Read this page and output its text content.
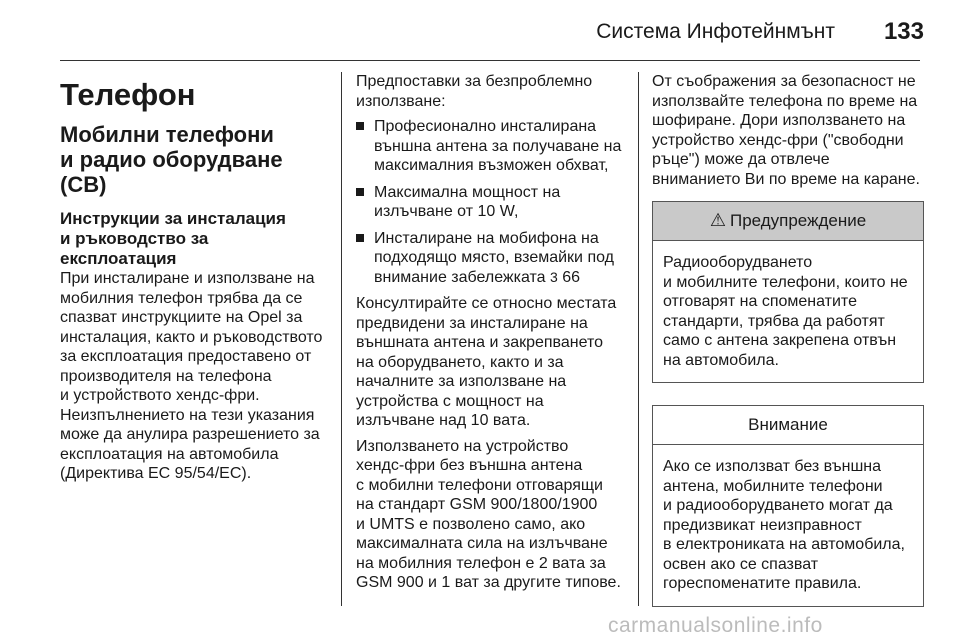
Система Инфотейнмънт 133
Телефон
Мобилни телефони
и радио оборудване (CB)
Инструкции за инсталация
и ръководство за
експлоатация

При инсталиране и използване на
мобилния телефон трябва да се
спазват инструкциите на Opel за
инсталация, както и ръководството
за експлоатация предоставено от
производителя на телефона
и устройството хендс-фри.
Неизпълнението на тези указания
може да анулира разрешението за
експлоатация на автомобила
(Директива ЕС 95/54/ЕС).

Предпоставки за безпроблемно
използване:

Професионално инсталирана
външна антена за получаване на
максималния възможен обхват,
Максимална мощност на
излъчване от 10 W,
Инсталиране на мобифона на
подходящо място, вземайки под
внимание забележката 3 66

Консултирайте се относно местата
предвидени за инсталиране на
външната антена и закрепването
на оборудването, както и за
началните за използване на
устройства с мощност на
излъчване над 10 вата.

Използването на устройство
хендс-фри без външна антена
с мобилни телефони отговарящи
на стандарт GSM 900/1800/1900
и UMTS е позволено само, ако
максималната сила на излъчване
на мобилния телефон е 2 вата за
GSM 900 и 1 ват за другите типове.

От съображения за безопасност не
използвайте телефона по време на
шофиране. Дори използването на
устройство хендс-фри ("свободни
ръце") може да отвлече
вниманието Ви по време на каране.

⚠ Предупреждение
Радиооборудването
и мобилните телефони, които не
отговарят на споменатите
стандарти, трябва да работят
само с антена закрепена отвън
на автомобила.
Внимание
Ако се използват без външна
антена, мобилните телефони
и радиооборудването могат да
предизвикат неизправност
в електрониката на автомобила,
освен ако се спазват
гореспоменатите правила.
carmanualsonline.info
